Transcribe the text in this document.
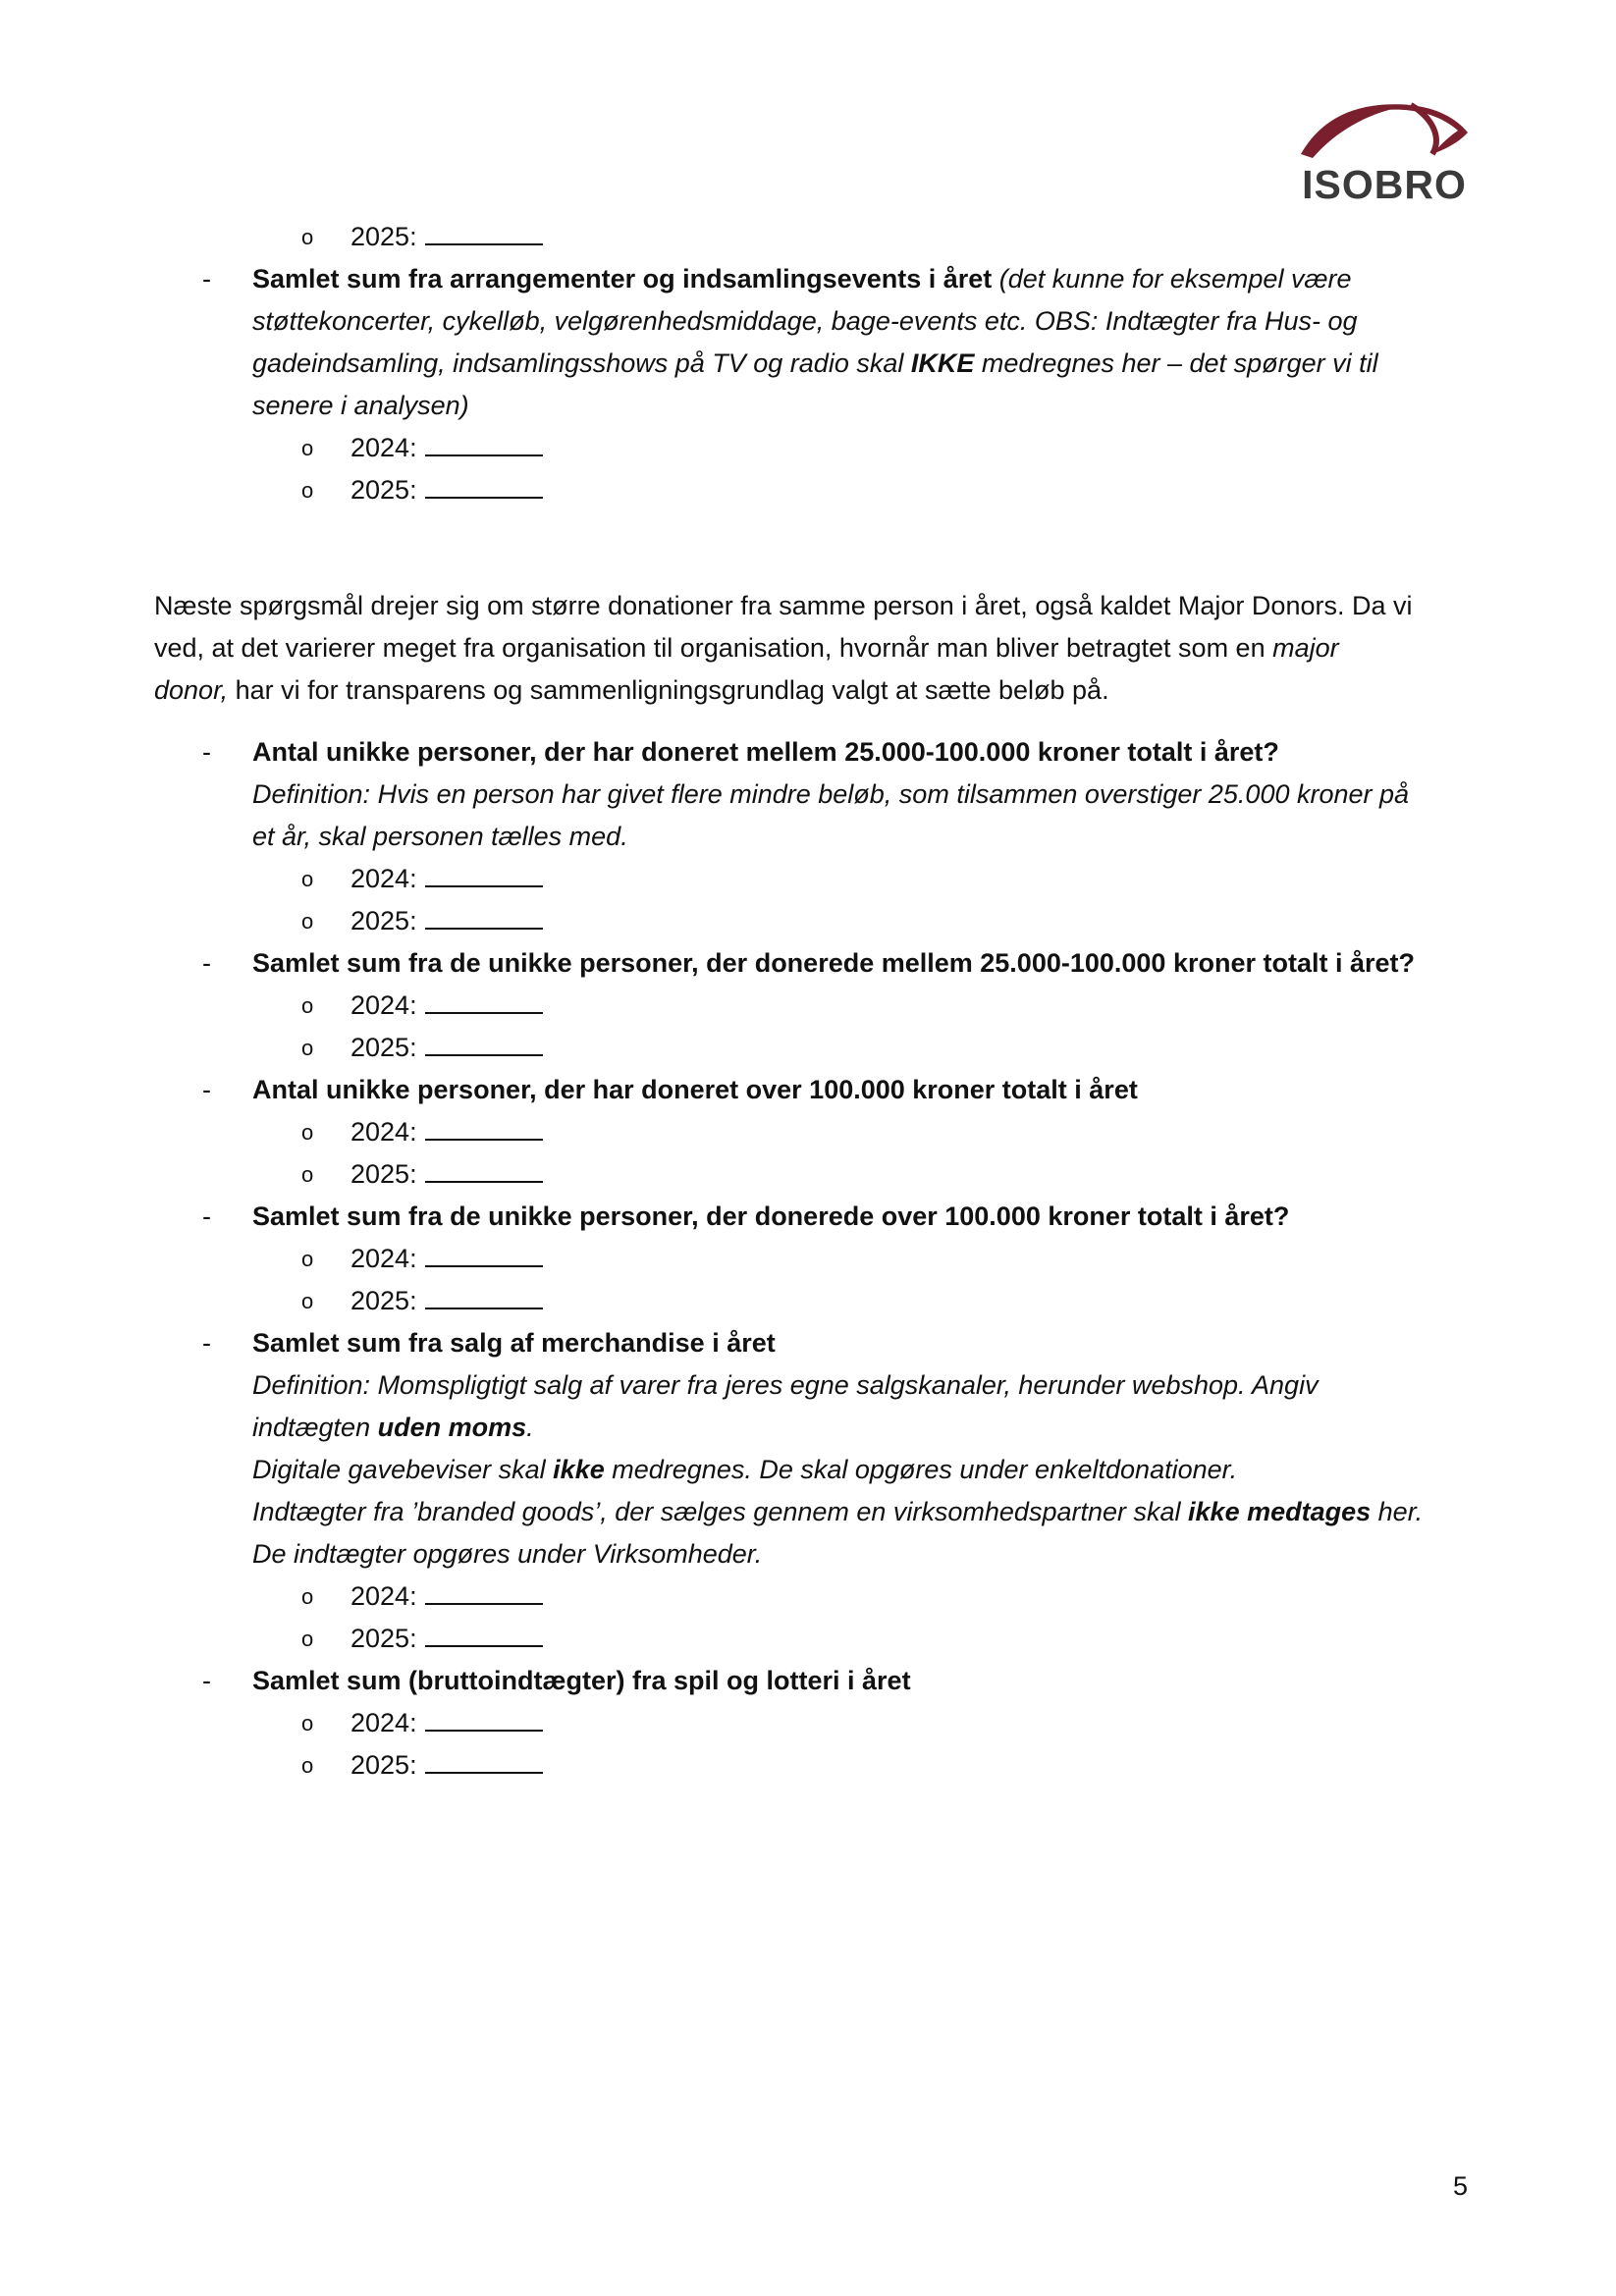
ISOBRO
o 2025:
- Samlet sum fra arrangementer og indsamlingsevents i året (det kunne for eksempel være
støttekoncerter, cykelløb, velgørenhedsmiddage, bage-events etc. OBS: Indtægter fra Hus- og
gadeindsamling, indsamlingsshows på TV og radio skal IKKE medregnes her – det spørger vi til
senere i analysen)
o 2024:
o 2025:
Næste spørgsmål drejer sig om større donationer fra samme person i året, også kaldet Major Donors. Da vi
ved, at det varierer meget fra organisation til organisation, hvornår man bliver betragtet som en major
donor, har vi for transparens og sammenligningsgrundlag valgt at sætte beløb på.
- Antal unikke personer, der har doneret mellem 25.000-100.000 kroner totalt i året?
Definition: Hvis en person har givet flere mindre beløb, som tilsammen overstiger 25.000 kroner på
et år, skal personen tælles med.
o 2024:
o 2025:
- Samlet sum fra de unikke personer, der donerede mellem 25.000-100.000 kroner totalt i året?
o 2024:
o 2025:
- Antal unikke personer, der har doneret over 100.000 kroner totalt i året
o 2024:
o 2025:
- Samlet sum fra de unikke personer, der donerede over 100.000 kroner totalt i året?
o 2024:
o 2025:
- Samlet sum fra salg af merchandise i året
Definition: Momspligtigt salg af varer fra jeres egne salgskanaler, herunder webshop. Angiv
indtægten uden moms.
Digitale gavebeviser skal ikke medregnes. De skal opgøres under enkeltdonationer.
Indtægter fra ’branded goods’, der sælges gennem en virksomhedspartner skal ikke medtages her.
De indtægter opgøres under Virksomheder.
o 2024:
o 2025:
- Samlet sum (bruttoindtægter) fra spil og lotteri i året
o 2024:
o 2025:
5
